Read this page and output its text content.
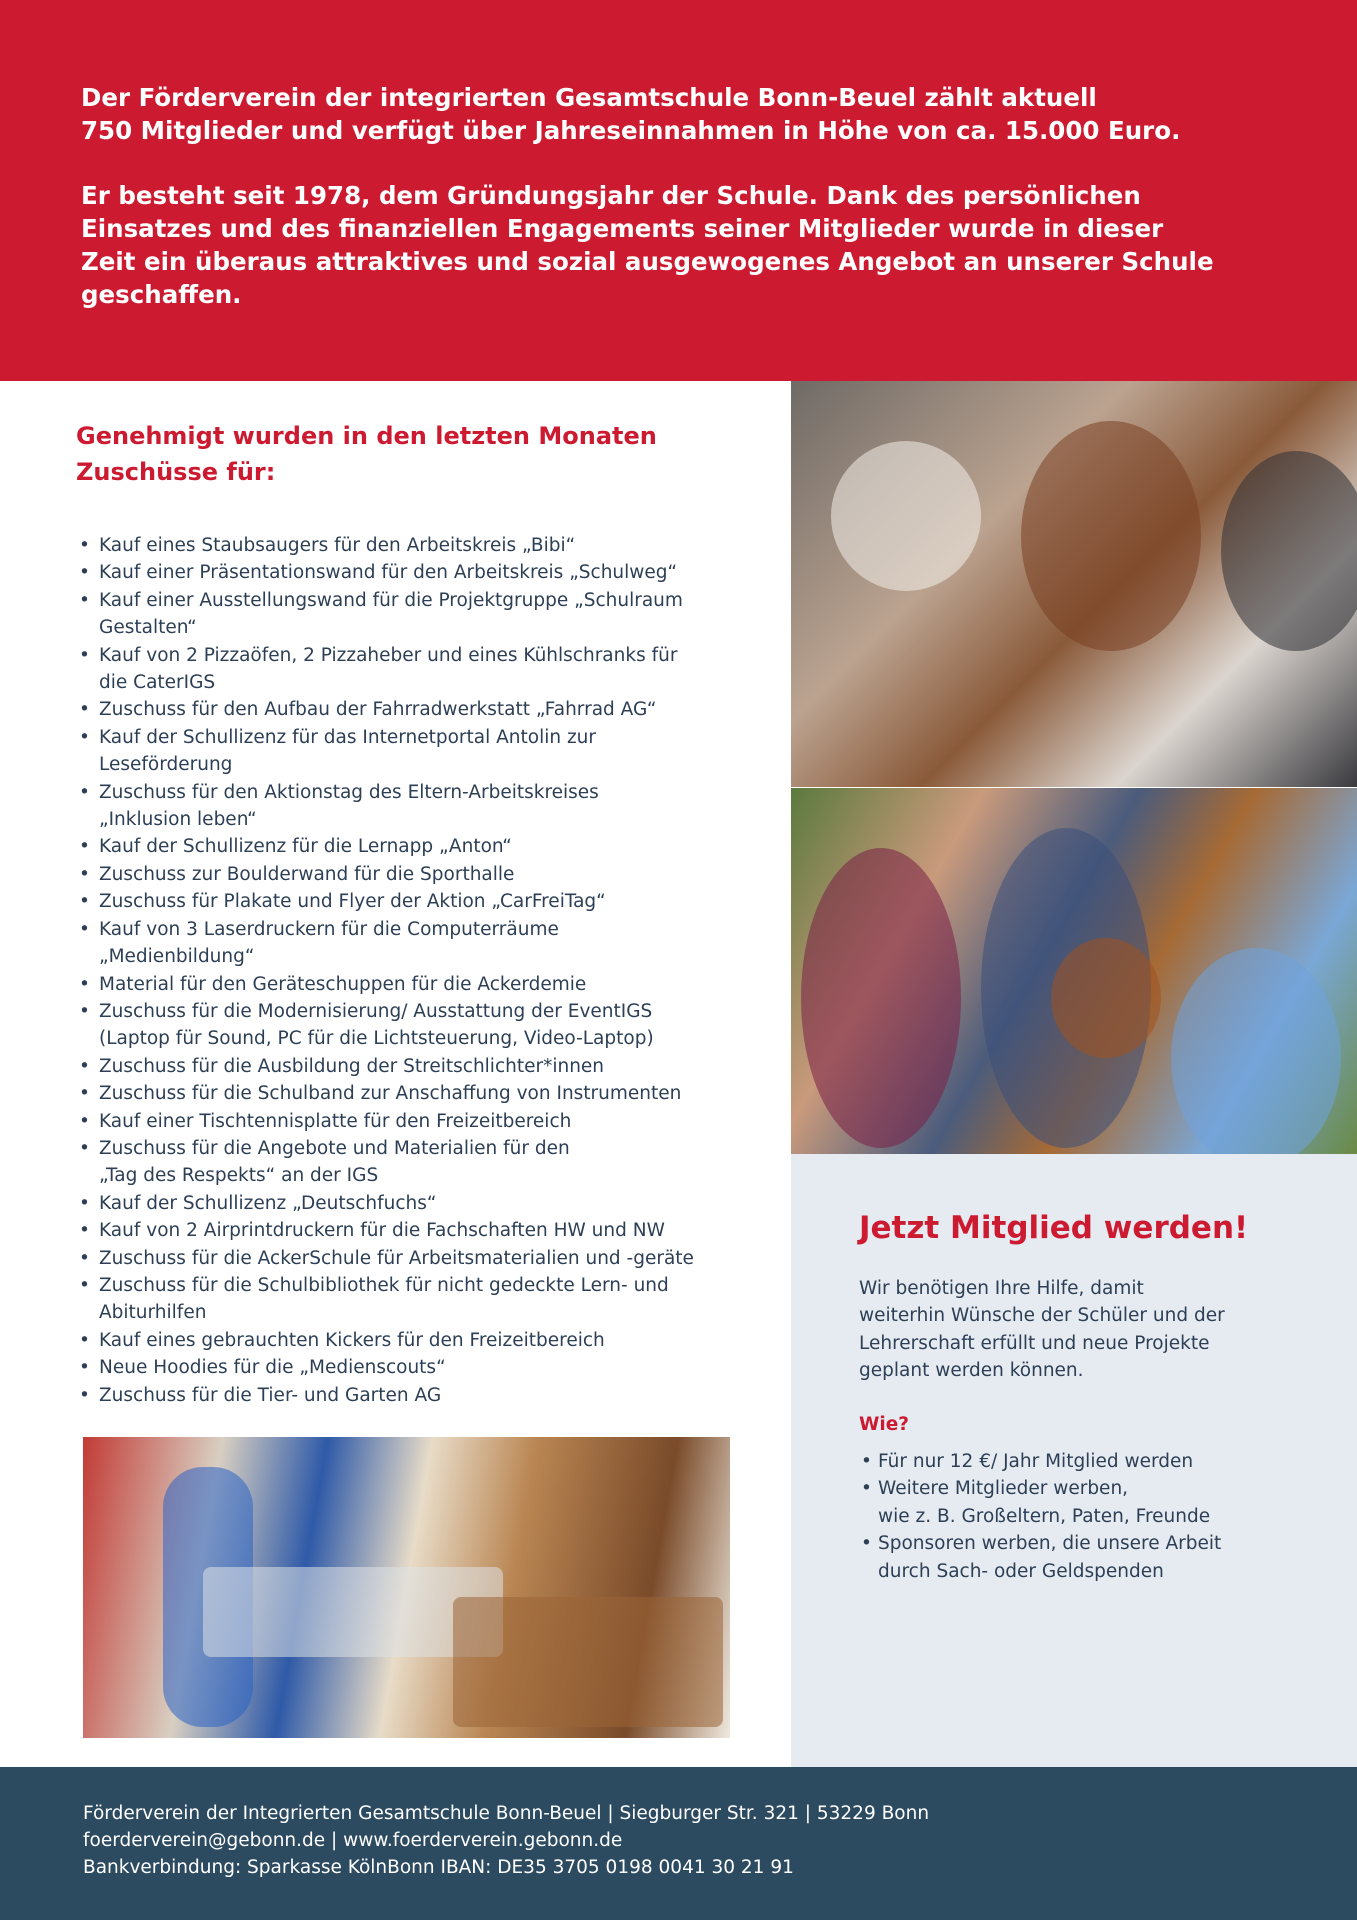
Der Förderverein der integrierten Gesamtschule Bonn-Beuel zählt aktuell
750 Mitglieder und verfügt über Jahreseinnahmen in Höhe von ca. 15.000 Euro.

Er besteht seit 1978, dem Gründungsjahr der Schule. Dank des persönlichen
Einsatzes und des finanziellen Engagements seiner Mitglieder wurde in dieser
Zeit ein überaus attraktives und sozial ausgewogenes Angebot an unserer Schule
geschaffen.

Genehmigt wurden in den letzten Monaten
Zuschüsse für:
• Kauf eines Staubsaugers für den Arbeitskreis „Bibi“
• Kauf einer Präsentationswand für den Arbeitskreis „Schulweg“
• Kauf einer Ausstellungswand für die Projektgruppe „Schulraum
Gestalten“
• Kauf von 2 Pizzaöfen, 2 Pizzaheber und eines Kühlschranks für
die CaterIGS
• Zuschuss für den Aufbau der Fahrradwerkstatt „Fahrrad AG“
• Kauf der Schullizenz für das Internetportal Antolin zur
Leseförderung
• Zuschuss für den Aktionstag des Eltern-Arbeitskreises
„Inklusion leben“
• Kauf der Schullizenz für die Lernapp „Anton“
• Zuschuss zur Boulderwand für die Sporthalle
• Zuschuss für Plakate und Flyer der Aktion „CarFreiTag“
• Kauf von 3 Laserdruckern für die Computerräume
„Medienbildung“
• Material für den Geräteschuppen für die Ackerdemie
• Zuschuss für die Modernisierung/ Ausstattung der EventIGS
(Laptop für Sound, PC für die Lichtsteuerung, Video-Laptop)
• Zuschuss für die Ausbildung der Streitschlichter*innen
• Zuschuss für die Schulband zur Anschaffung von Instrumenten
• Kauf einer Tischtennisplatte für den Freizeitbereich
• Zuschuss für die Angebote und Materialien für den
„Tag des Respekts“ an der IGS
• Kauf der Schullizenz „Deutschfuchs“
• Kauf von 2 Airprintdruckern für die Fachschaften HW und NW
• Zuschuss für die AckerSchule für Arbeitsmaterialien und -geräte
• Zuschuss für die Schulbibliothek für nicht gedeckte Lern- und
Abiturhilfen
• Kauf eines gebrauchten Kickers für den Freizeitbereich
• Neue Hoodies für die „Medienscouts“
• Zuschuss für die Tier- und Garten AG
Jetzt Mitglied werden!

Wir benötigen Ihre Hilfe, damit
weiterhin Wünsche der Schüler und der
Lehrerschaft erfüllt und neue Projekte
geplant werden können.

Wie?

• Für nur 12 €/ Jahr Mitglied werden
• Weitere Mitglieder werben,
wie z. B. Großeltern, Paten, Freunde
• Sponsoren werben, die unsere Arbeit
durch Sach- oder Geldspenden

Förderverein der Integrierten Gesamtschule Bonn-Beuel | Siegburger Str. 321 | 53229 Bonn

foerderverein@gebonn.de | www.foerderverein.gebonn.de

Bankverbindung: Sparkasse KölnBonn IBAN: DE35 3705 0198 0041 30 21 91
